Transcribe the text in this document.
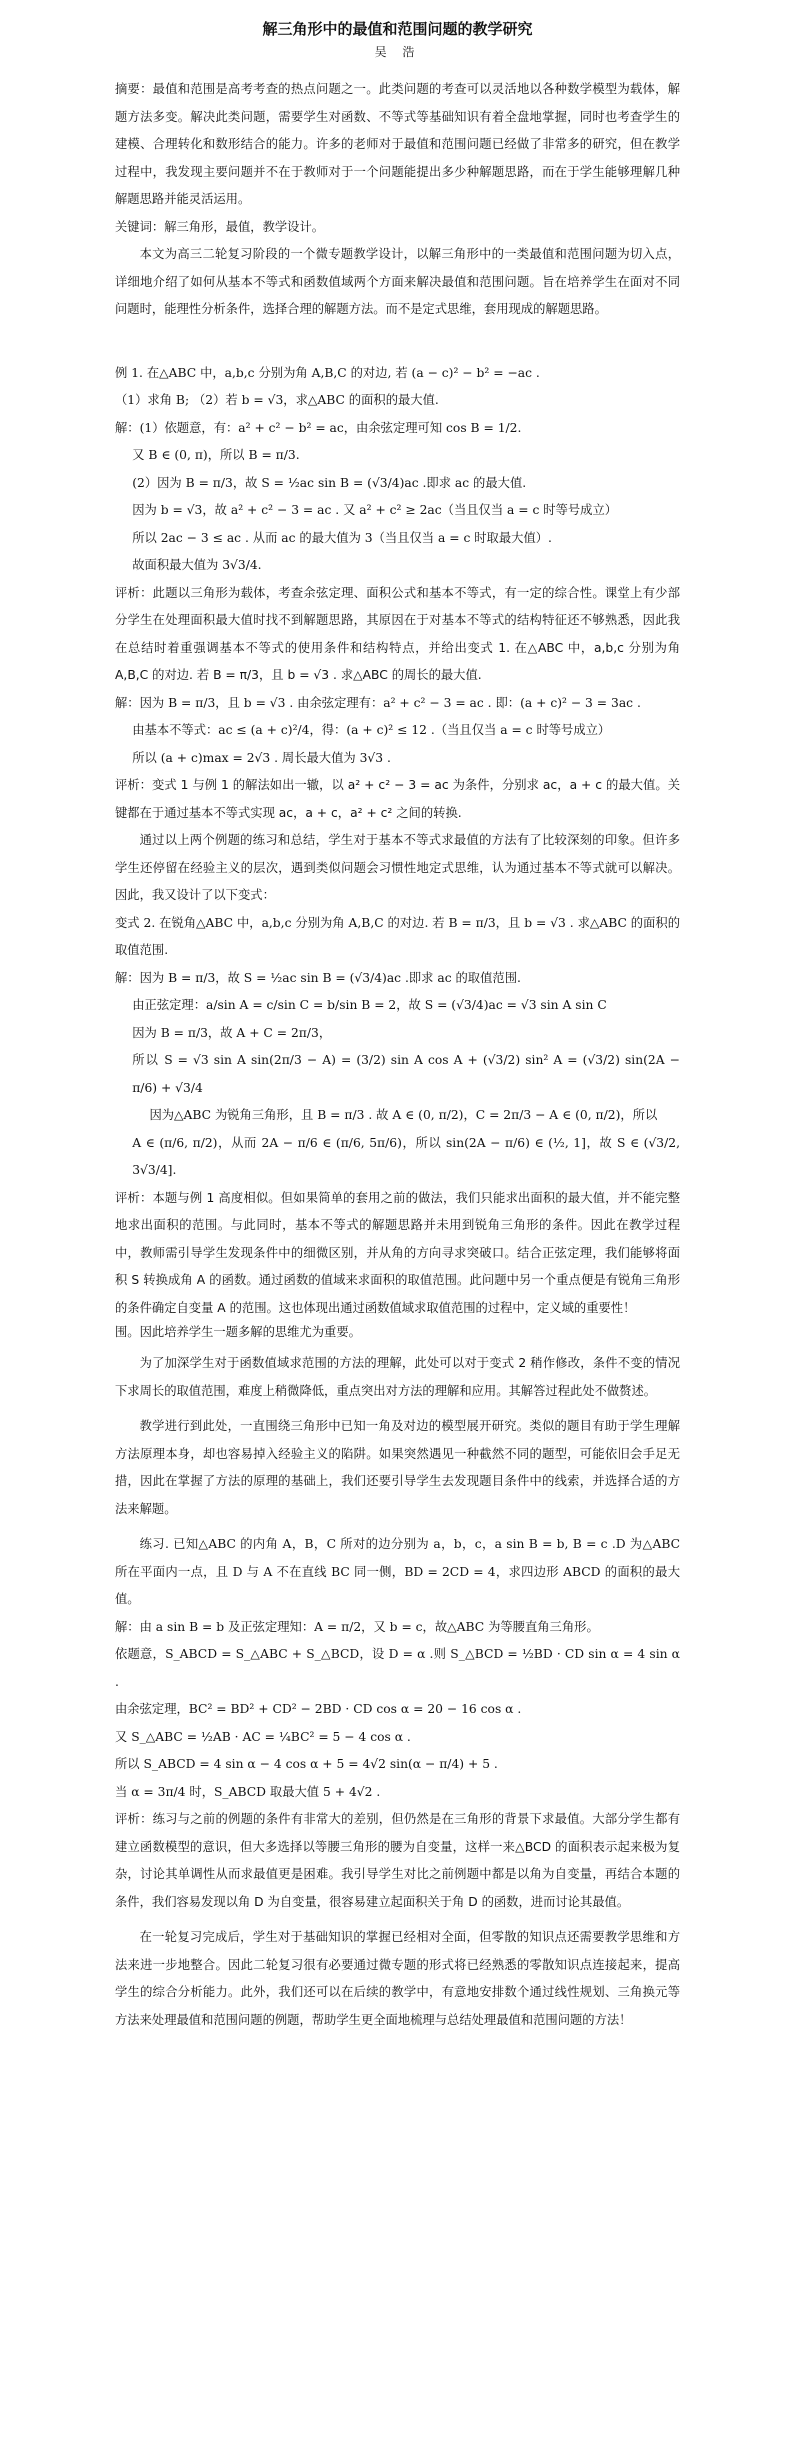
解三角形中的最值和范围问题的教学研究
吴 浩

摘要：最值和范围是高考考查的热点问题之一。此类问题的考查可以灵活地以各种数学模型为载体，解题方法多变。解决此类问题，需要学生对函数、不等式等基础知识有着全盘地掌握，同时也考查学生的建模、合理转化和数形结合的能力。许多的老师对于最值和范围问题已经做了非常多的研究，但在教学过程中，我发现主要问题并不在于教师对于一个问题能提出多少种解题思路，而在于学生能够理解几种解题思路并能灵活运用。

关键词：解三角形，最值，教学设计。

本文为高三二轮复习阶段的一个微专题教学设计，以解三角形中的一类最值和范围问题为切入点，详细地介绍了如何从基本不等式和函数值域两个方面来解决最值和范围问题。旨在培养学生在面对不同问题时，能理性分析条件，选择合理的解题方法。而不是定式思维，套用现成的解题思路。

例 1. 在△ABC 中，a,b,c 分别为角 A,B,C 的对边, 若 (a − c)² − b² = −ac .

（1）求角 B; （2）若 b = √3，求△ABC 的面积的最大值.

解：(1）依题意，有：a² + c² − b² = ac，由余弦定理可知 cos B = 1/2.

又 B ∈ (0, π)，所以 B = π/3.

(2）因为 B = π/3，故 S = ½ac sin B = (√3/4)ac .即求 ac 的最大值.

因为 b = √3，故 a² + c² − 3 = ac . 又 a² + c² ≥ 2ac（当且仅当 a = c 时等号成立）

所以 2ac − 3 ≤ ac . 从而 ac 的最大值为 3（当且仅当 a = c 时取最大值）.

故面积最大值为 3√3/4.

评析：此题以三角形为载体，考查余弦定理、面积公式和基本不等式，有一定的综合性。课堂上有少部分学生在处理面积最大值时找不到解题思路，其原因在于对基本不等式的结构特征还不够熟悉，因此我在总结时着重强调基本不等式的使用条件和结构特点，并给出变式 1. 在△ABC 中，a,b,c 分别为角 A,B,C 的对边. 若 B = π/3，且 b = √3 . 求△ABC 的周长的最大值.

解：因为 B = π/3，且 b = √3 . 由余弦定理有：a² + c² − 3 = ac . 即：(a + c)² − 3 = 3ac .

由基本不等式：ac ≤ (a + c)²/4，得：(a + c)² ≤ 12 .（当且仅当 a = c 时等号成立）

所以 (a + c)max = 2√3 . 周长最大值为 3√3 .

评析：变式 1 与例 1 的解法如出一辙，以 a² + c² − 3 = ac 为条件，分别求 ac，a + c 的最大值。关键都在于通过基本不等式实现 ac，a + c，a² + c² 之间的转换.

通过以上两个例题的练习和总结，学生对于基本不等式求最值的方法有了比较深刻的印象。但许多学生还停留在经验主义的层次，遇到类似问题会习惯性地定式思维，认为通过基本不等式就可以解决。因此，我又设计了以下变式：

变式 2. 在锐角△ABC 中，a,b,c 分别为角 A,B,C 的对边. 若 B = π/3，且 b = √3 . 求△ABC 的面积的取值范围.

解：因为 B = π/3，故 S = ½ac sin B = (√3/4)ac .即求 ac 的取值范围.

由正弦定理：a/sin A = c/sin C = b/sin B = 2，故 S = (√3/4)ac = √3 sin A sin C

因为 B = π/3，故 A + C = 2π/3，

所以 S = √3 sin A sin(2π/3 − A) = (3/2) sin A cos A + (√3/2) sin² A = (√3/2) sin(2A − π/6) + √3/4

因为△ABC 为锐角三角形，且 B = π/3 . 故 A ∈ (0, π/2)，C = 2π/3 − A ∈ (0, π/2)，所以

A ∈ (π/6, π/2)，从而 2A − π/6 ∈ (π/6, 5π/6)，所以 sin(2A − π/6) ∈ (½, 1]，故 S ∈ (√3/2, 3√3/4].

评析：本题与例 1 高度相似。但如果简单的套用之前的做法，我们只能求出面积的最大值，并不能完整地求出面积的范围。与此同时，基本不等式的解题思路并未用到锐角三角形的条件。因此在教学过程中，教师需引导学生发现条件中的细微区别，并从角的方向寻求突破口。结合正弦定理，我们能够将面积 S 转换成角 A 的函数。通过函数的值域来求面积的取值范围。此问题中另一个重点便是有锐角三角形的条件确定自变量 A 的范围。这也体现出通过函数值域求取值范围的过程中，定义域的重要性！

围。因此培养学生一题多解的思维尤为重要。

为了加深学生对于函数值域求范围的方法的理解，此处可以对于变式 2 稍作修改，条件不变的情况下求周长的取值范围，难度上稍微降低，重点突出对方法的理解和应用。其解答过程此处不做赘述。

教学进行到此处，一直围绕三角形中已知一角及对边的模型展开研究。类似的题目有助于学生理解方法原理本身，却也容易掉入经验主义的陷阱。如果突然遇见一种截然不同的题型，可能依旧会手足无措，因此在掌握了方法的原理的基础上，我们还要引导学生去发现题目条件中的线索，并选择合适的方法来解题。

练习. 已知△ABC 的内角 A，B，C 所对的边分别为 a，b，c，a sin B = b, B = c .D 为△ABC 所在平面内一点，且 D 与 A 不在直线 BC 同一侧，BD = 2CD = 4，求四边形 ABCD 的面积的最大值。

解：由 a sin B = b 及正弦定理知：A = π/2，又 b = c，故△ABC 为等腰直角三角形。

依题意，S_ABCD = S_△ABC + S_△BCD，设 D = α .则 S_△BCD = ½BD · CD sin α = 4 sin α .

由余弦定理，BC² = BD² + CD² − 2BD · CD cos α = 20 − 16 cos α .

又 S_△ABC = ½AB · AC = ¼BC² = 5 − 4 cos α .

所以 S_ABCD = 4 sin α − 4 cos α + 5 = 4√2 sin(α − π/4) + 5 .

当 α = 3π/4 时，S_ABCD 取最大值 5 + 4√2 .

评析：练习与之前的例题的条件有非常大的差别，但仍然是在三角形的背景下求最值。大部分学生都有建立函数模型的意识，但大多选择以等腰三角形的腰为自变量，这样一来△BCD 的面积表示起来极为复杂，讨论其单调性从而求最值更是困难。我引导学生对比之前例题中都是以角为自变量，再结合本题的条件，我们容易发现以角 D 为自变量，很容易建立起面积关于角 D 的函数，进而讨论其最值。

在一轮复习完成后，学生对于基础知识的掌握已经相对全面，但零散的知识点还需要教学思维和方法来进一步地整合。因此二轮复习很有必要通过微专题的形式将已经熟悉的零散知识点连接起来，提高学生的综合分析能力。此外，我们还可以在后续的教学中，有意地安排数个通过线性规划、三角换元等方法来处理最值和范围问题的例题，帮助学生更全面地梳理与总结处理最值和范围问题的方法！
